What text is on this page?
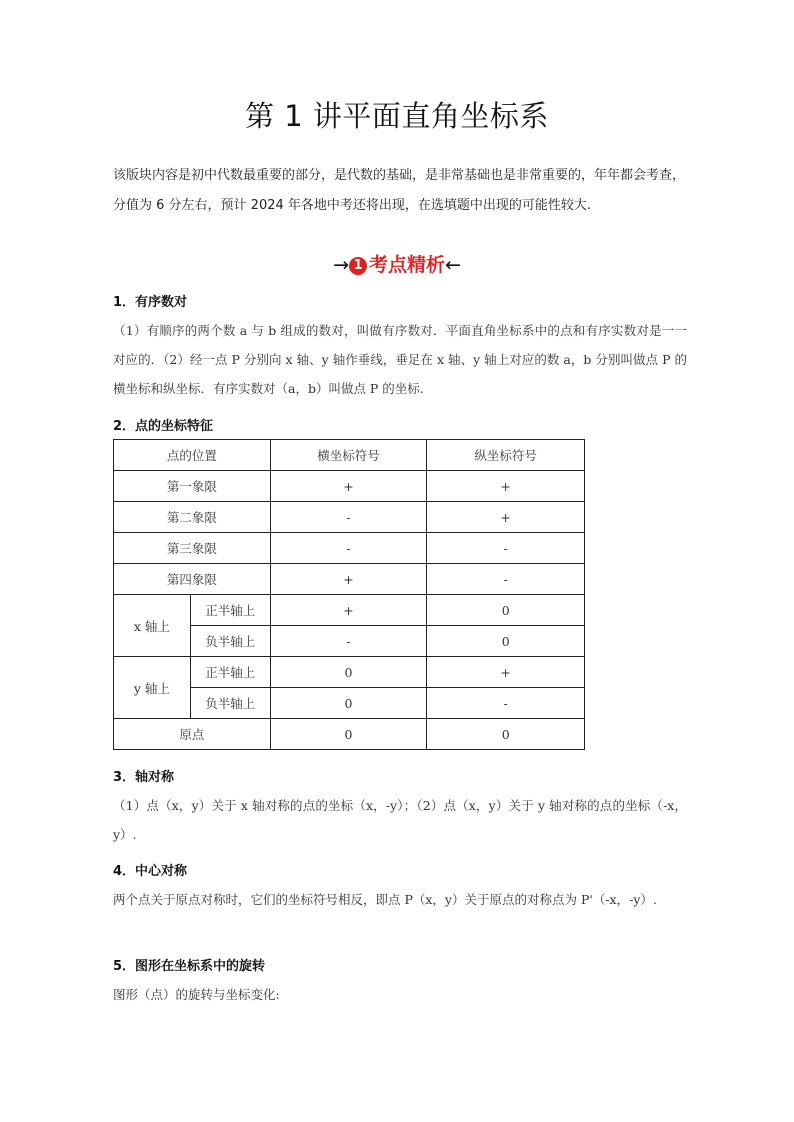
第 1 讲平面直角坐标系

该版块内容是初中代数最重要的部分，是代数的基础，是非常基础也是非常重要的，年年都会考查，分值为 6 分左右，预计 2024 年各地中考还将出现，在选填题中出现的可能性较大.

→ 1 考点精析←
1．有序数对

（1）有顺序的两个数 a 与 b 组成的数对，叫做有序数对．平面直角坐标系中的点和有序实数对是一一对应的．（2）经一点 P 分别向 x 轴、y 轴作垂线，垂足在 x 轴、y 轴上对应的数 a，b 分别叫做点 P 的横坐标和纵坐标．有序实数对（a，b）叫做点 P 的坐标.

2．点的坐标特征
点的位置		横坐标符号	纵坐标符号
第一象限		+	+
第二象限		-	+
第三象限		-	-
第四象限		+	-
x 轴上	正半轴上	+	0
	负半轴上	-	0
y 轴上	正半轴上	0	+
	负半轴上	0	-
原点		0	0
3．轴对称

（1）点（x，y）关于 x 轴对称的点的坐标（x，-y）；（2）点（x，y）关于 y 轴对称的点的坐标（-x，y）.

4．中心对称

两个点关于原点对称时，它们的坐标符号相反，即点 P（x，y）关于原点的对称点为 P'（-x，-y）.

5．图形在坐标系中的旋转

图形（点）的旋转与坐标变化:
